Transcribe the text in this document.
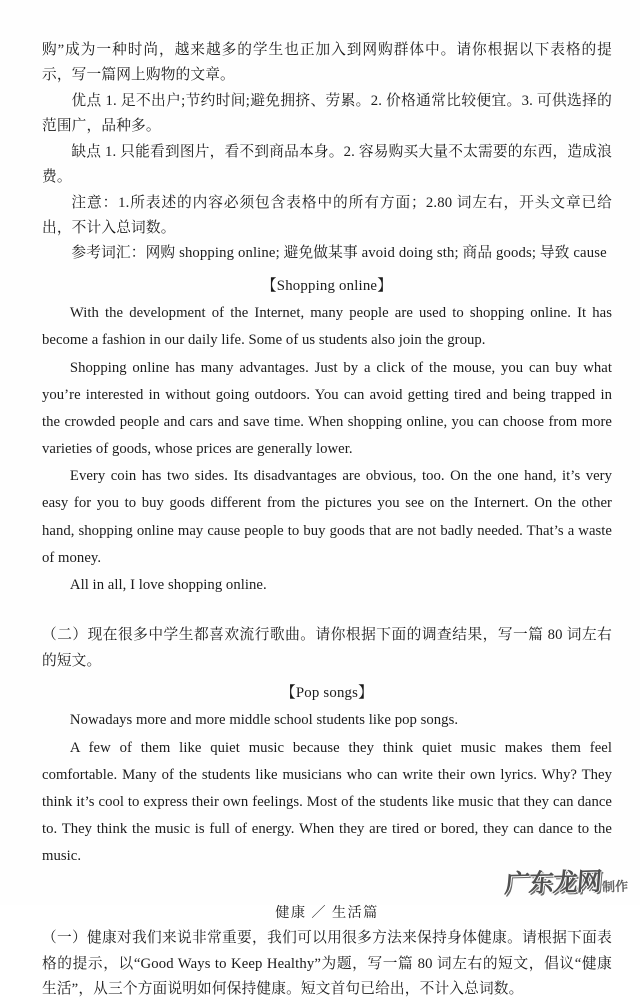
购”成为一种时尚，越来越多的学生也正加入到网购群体中。请你根据以下表格的提示，写一篇网上购物的文章。

优点 1. 足不出户;节约时间;避免拥挤、劳累。2. 价格通常比较便宜。3. 可供选择的范围广，品种多。

缺点 1. 只能看到图片，看不到商品本身。2. 容易购买大量不太需要的东西，造成浪费。

注意：1.所表述的内容必须包含表格中的所有方面；2.80 词左右，开头文章已给出，不计入总词数。

参考词汇：网购 shopping online; 避免做某事 avoid doing sth; 商品 goods; 导致 cause

【Shopping online】

With the development of the Internet, many people are used to shopping online. It has become a fashion in our daily life. Some of us students also join the group.

Shopping online has many advantages. Just by a click of the mouse, you can buy what you’re interested in without going outdoors. You can avoid getting tired and being trapped in the crowded people and cars and save time. When shopping online, you can choose from more varieties of goods, whose prices are generally lower.

Every coin has two sides. Its disadvantages are obvious, too. On the one hand, it’s very easy for you to buy goods different from the pictures you see on the Internert. On the other hand, shopping online may cause people to buy goods that are not badly needed. That’s a waste of money.

All in all, I love shopping online.

（二）现在很多中学生都喜欢流行歌曲。请你根据下面的调查结果，写一篇 80 词左右的短文。

【Pop songs】

Nowadays more and more middle school students like pop songs.

A few of them like quiet music because they think quiet music makes them feel comfortable. Many of the students like musicians who can write their own lyrics. Why? They think it’s cool to express their own feelings. Most of the students like music that they can dance to. They think the music is full of energy. When they are tired or bored, they can dance to the music.

健康 ／ 生活篇

（一）健康对我们来说非常重要，我们可以用很多方法来保持身体健康。请根据下面表格的提示，以“Good Ways to Keep Healthy”为题，写一篇 80 词左右的短文，倡议“健康生活”，从三个方面说明如何保持健康。短文首句已给出，不计入总词数。

广东龙网 制作
